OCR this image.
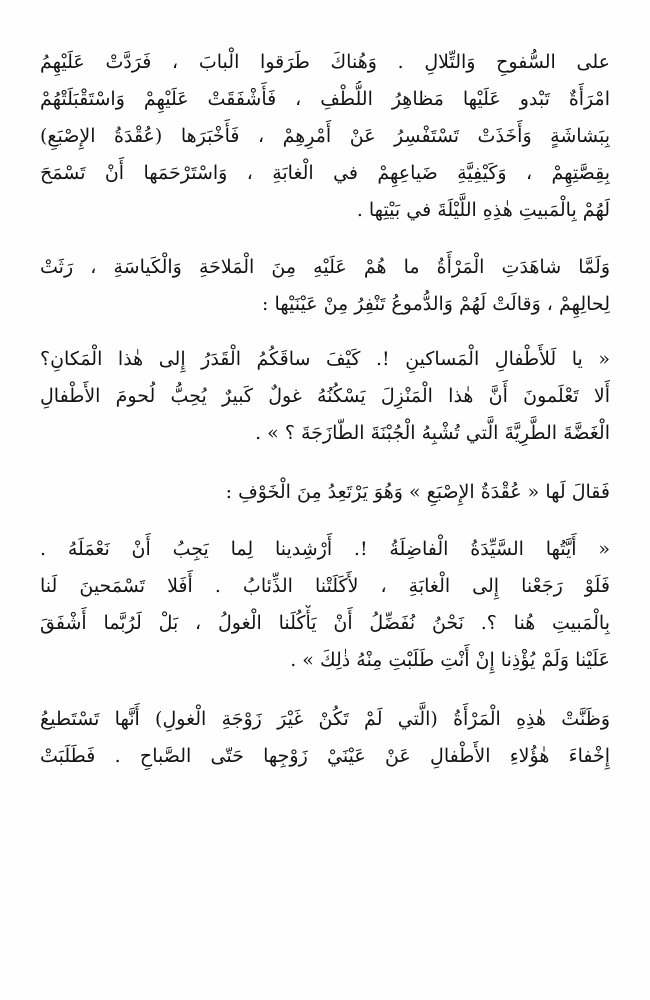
على السُّفوحِ وَالتِّلالِ . وَهُناكَ طَرَقوا الْبابَ ، فَرَدَّتْ عَلَيْهِمُ
امْرَأَةٌ تَبْدو عَلَيْها مَظاهِرُ اللُّطْفِ ، فَأَشْفَقَتْ عَلَيْهِمْ وَاسْتَقْبَلَتْهُمْ
بِبَشاشَةٍ وَأَخَذَتْ تَسْتَفْسِرُ عَنْ أَمْرِهِمْ ، فَأَخْبَرَها (عُقْدَةُ الإِصْبَعِ)
بِقِصَّتِهِمْ ، وَكَيْفِيَّةِ ضَياعِهِمْ في الْغابَةِ ، وَاسْتَرْحَمَها أَنْ تَسْمَحَ
لَهُمْ بِالْمَبيتِ هٰذِهِ اللَّيْلَةَ في بَيْتِها .
وَلَمَّا شاهَدَتِ الْمَرْأَةُ ما هُمْ عَلَيْهِ مِنَ الْمَلاحَةِ وَالْكَياسَةِ ، رَثَتْ
لِحالِهِمْ ، وَقالَتْ لَهُمْ وَالدُّموعُ تَنْفِرُ مِنْ عَيْنَيْها :
« يا لَلأَطْفالِ الْمَساكينِ !. كَيْفَ ساقَكُمُ الْقَدَرُ إِلى هٰذا الْمَكانِ؟
أَلا تَعْلَمونَ أَنَّ هٰذا الْمَنْزِلَ يَسْكُنُهُ غولٌ كَبيرٌ يُحِبُّ لُحومَ الأَطْفالِ
الْغَضَّةَ الطَّرِيَّةَ الَّتي تُشْبِهُ الْجُبْنَةَ الطّازَجَةَ ؟ » .
فَقالَ لَها « عُقْدَةُ الإِصْبَعِ » وَهُوَ يَرْتَعِدُ مِنَ الْخَوْفِ :
« أَيَّتُها السَّيِّدَةُ الْفاضِلَةُ !. أَرْشِدينا لِما يَجِبُ أَنْ نَعْمَلَهُ .
فَلَوْ رَجَعْنا إِلى الْغابَةِ ، لأَكَلَتْنا الذِّئابُ . أَفَلا تَسْمَحينَ لَنا
بِالْمَبيتِ هُنا ؟. نَحْنُ نُفَضِّلُ أَنْ يَأْكُلَنا الْغولُ ، بَلْ لَرُبَّما أَشْفَقَ
عَلَيْنا وَلَمْ يُؤْذِنا إِنْ أَنْتِ طَلَبْتِ مِنْهُ ذٰلِكَ » .
وَظَنَّتْ هٰذِهِ الْمَرْأَةُ (الَّتي لَمْ تَكُنْ غَيْرَ زَوْجَةِ الْغولِ) أَنَّها تَسْتَطيعُ
إِخْفاءَ هٰؤُلاءِ الأَطْفالِ عَنْ عَيْنَيْ زَوْجِها حَتّى الصَّباحِ . فَطَلَبَتْ
